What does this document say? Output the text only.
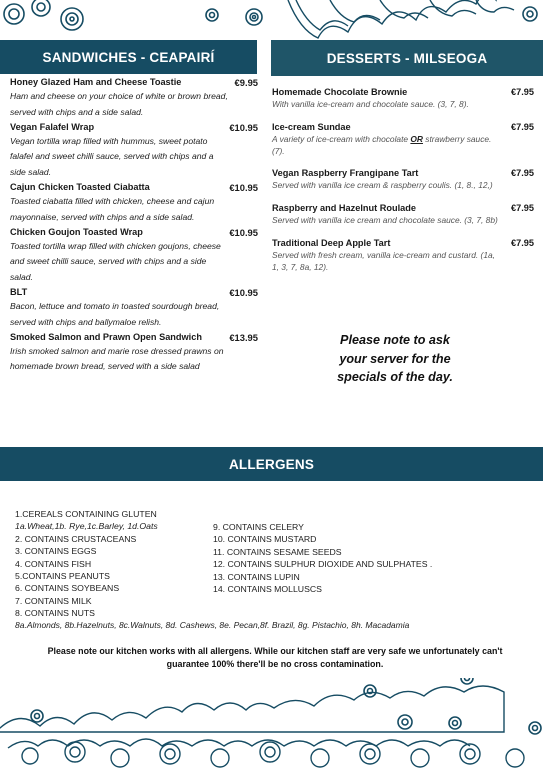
SANDWICHES - CEAPAIRÍ	DESSERTS - MILSEOGA
Honey Glazed Ham and Cheese Toastie	€9.95
Ham and cheese on your choice of white or brown bread, served with chips and a side salad.
Vegan Falafel Wrap	€10.95
Vegan tortilla wrap filled with hummus, sweet potato falafel and sweet chilli sauce, served with chips and a side salad.
Cajun Chicken Toasted Ciabatta	€10.95
Toasted ciabatta filled with chicken, cheese and cajun mayonnaise, served with chips and a side salad.
Chicken Goujon Toasted Wrap	€10.95
Toasted tortilla wrap filled with chicken goujons, cheese and sweet chilli sauce, served with chips and a side salad.
BLT	€10.95
Bacon, lettuce and tomato in toasted sourdough bread, served with chips and ballymaloe relish.
Smoked Salmon and Prawn Open Sandwich	€13.95
Irish smoked salmon and marie rose dressed prawns on homemade brown bread, served with a side salad
Homemade Chocolate Brownie	€7.95
With vanilla ice-cream and chocolate sauce. (3, 7, 8).
Ice-cream Sundae	€7.95
A variety of ice-cream with chocolate OR strawberry sauce. (7).
Vegan Raspberry Frangipane Tart	€7.95
Served with vanilla ice cream & raspberry coulis. (1, 8., 12,)
Raspberry and Hazelnut Roulade	€7.95
Served with vanilla ice cream and chocolate sauce. (3, 7, 8b)
Traditional Deep Apple Tart	€7.95
Served with fresh cream, vanilla ice-cream and custard. (1a, 1, 3, 7, 8a, 12).
Please note to ask
your server for the
specials of the day.
ALLERGENS
1.CEREALS CONTAINING GLUTEN
1a.Wheat,1b. Rye,1c.Barley, 1d.Oats
2. CONTAINS CRUSTACEANS
3. CONTAINS EGGS
4. CONTAINS FISH
5.CONTAINS PEANUTS
6. CONTAINS SOYBEANS
7. CONTAINS MILK
8. CONTAINS NUTS
9. CONTAINS CELERY
10. CONTAINS MUSTARD
11. CONTAINS SESAME SEEDS
12. CONTAINS SULPHUR DIOXIDE AND SULPHATES .
13. CONTAINS LUPIN
14. CONTAINS MOLLUSCS
8a.Almonds, 8b.Hazelnuts, 8c.Walnuts, 8d. Cashews, 8e. Pecan,8f. Brazil, 8g. Pistachio, 8h. Macadamia
Please note our kitchen works with all allergens. While our kitchen staff are very safe we unfortunately can't
guarantee 100% there'll be no cross contamination.
